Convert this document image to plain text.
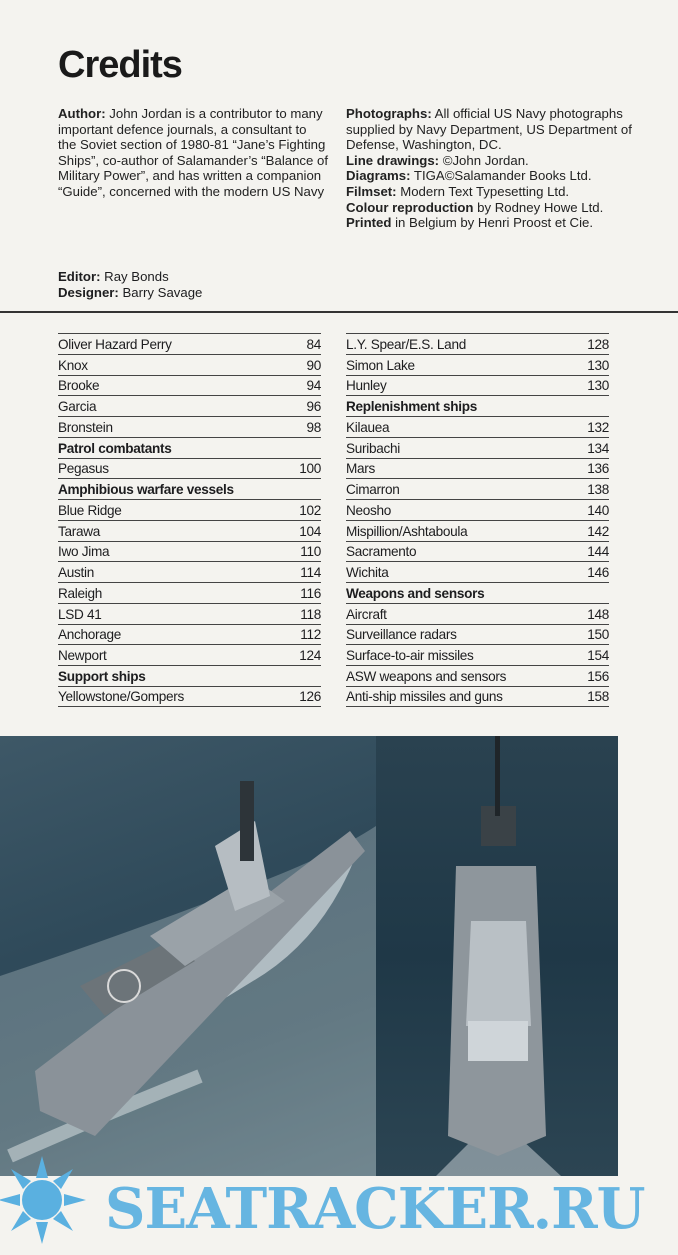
Credits
Author: John Jordan is a contributor to many important defence journals, a consultant to the Soviet section of 1980-81 “Jane’s Fighting Ships”, co-author of Salamander’s “Balance of Military Power”, and has written a companion “Guide”, concerned with the modern US Navy
Editor: Ray Bonds
Designer: Barry Savage
Photographs: All official US Navy photographs supplied by Navy Department, US Department of Defense, Washington, DC.
Line drawings: ©John Jordan.
Diagrams: TIGA©Salamander Books Ltd.
Filmset: Modern Text Typesetting Ltd.
Colour reproduction by Rodney Howe Ltd.
Printed in Belgium by Henri Proost et Cie.
Oliver Hazard Perry	84
Knox	90
Brooke	94
Garcia	96
Bronstein	98
Patrol combatants
Pegasus	100
Amphibious warfare vessels
Blue Ridge	102
Tarawa	104
Iwo Jima	110
Austin	114
Raleigh	116
LSD 41	118
Anchorage	112
Newport	124
Support ships
Yellowstone/Gompers	126
L.Y. Spear/E.S. Land	128
Simon Lake	130
Hunley	130
Replenishment ships
Kilauea	132
Suribachi	134
Mars	136
Cimarron	138
Neosho	140
Mispillion/Ashtaboula	142
Sacramento	144
Wichita	146
Weapons and sensors
Aircraft	148
Surveillance radars	150
Surface-to-air missiles	154
ASW weapons and sensors	156
Anti-ship missiles and guns	158
SEATRACKER.RU
